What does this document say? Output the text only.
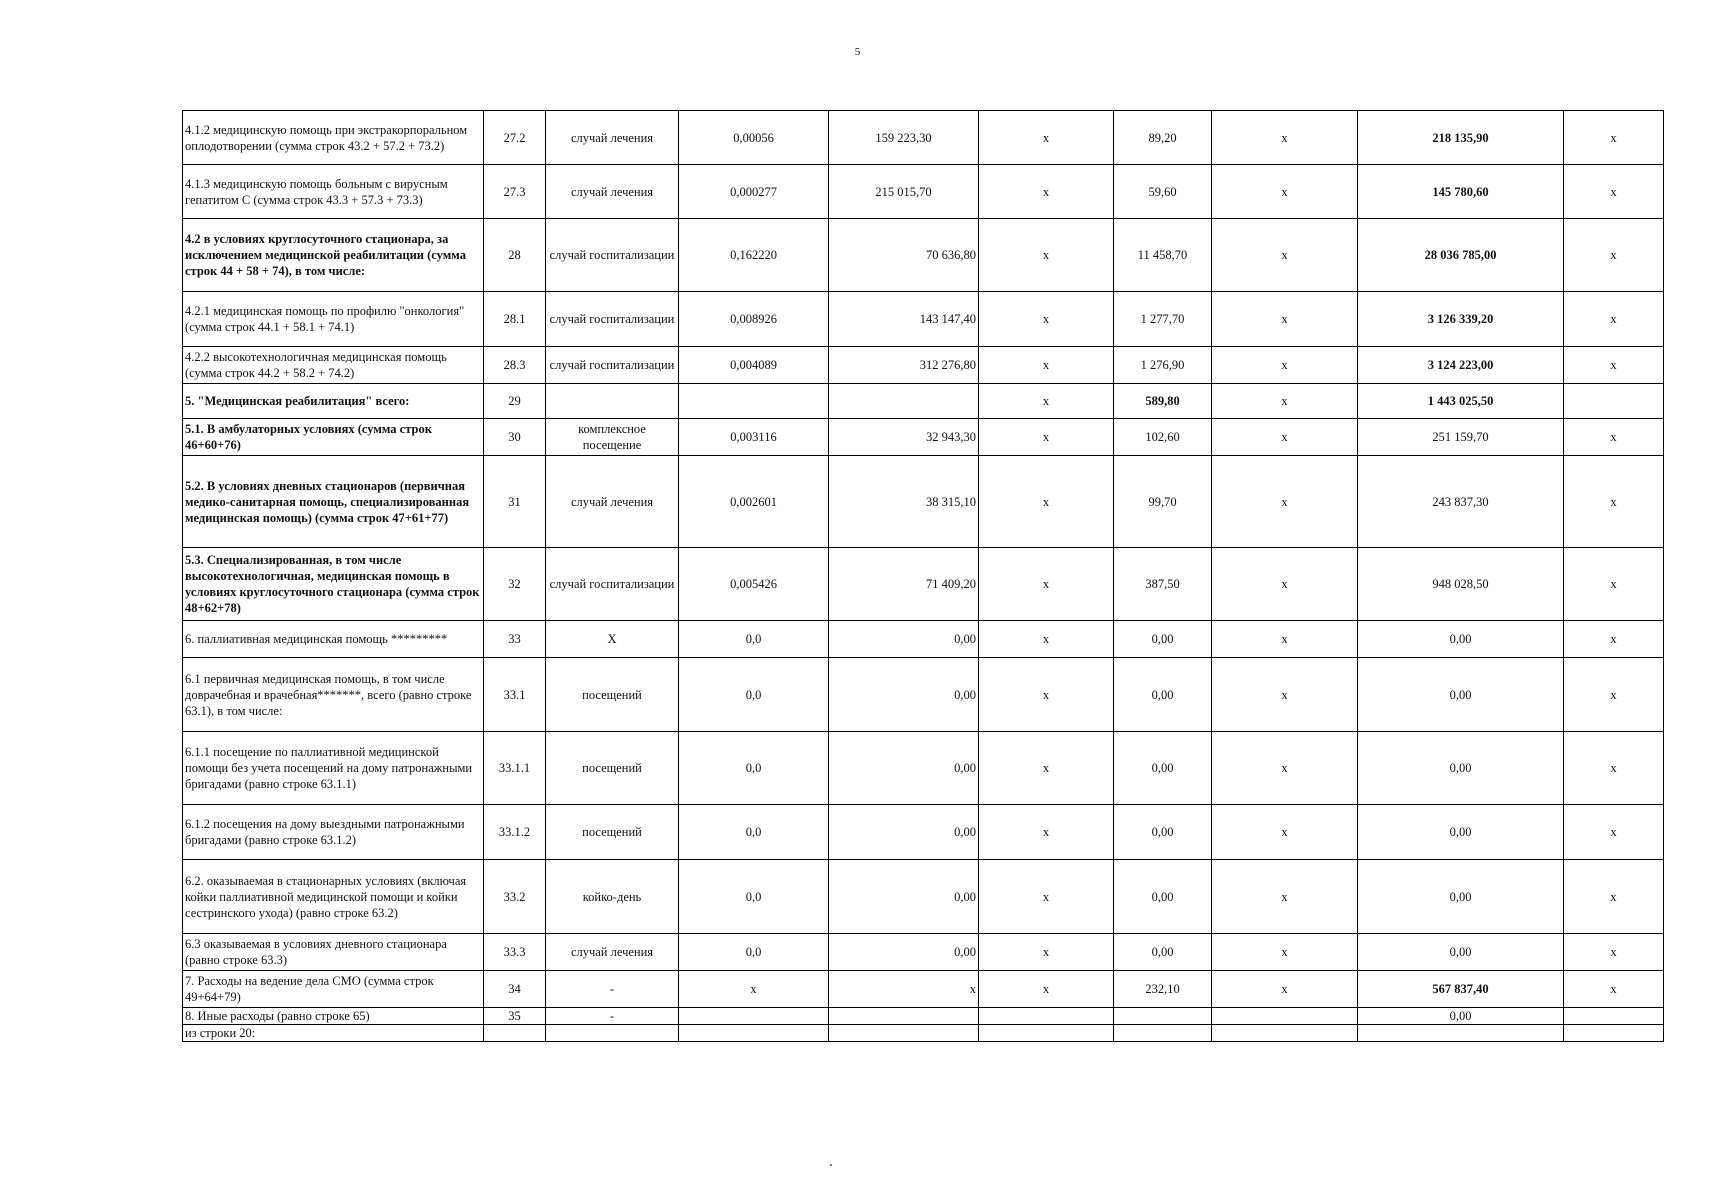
5
4.1.2 медицинскую помощь при экстракорпоральном оплодотворении (сумма строк 43.2 + 57.2 + 73.2)	27.2	случай лечения	0,00056	159 223,30	x	89,20	x	218 135,90	x
4.1.3 медицинскую помощь больным с вирусным гепатитом С (сумма строк 43.3 + 57.3 + 73.3)	27.3	случай лечения	0,000277	215 015,70	x	59,60	x	145 780,60	x
4.2 в условиях круглосуточного стационара, за исключением медицинской реабилитации (сумма строк 44 + 58 + 74), в том числе:	28	случай госпитализации	0,162220	70 636,80	x	11 458,70	x	28 036 785,00	x
4.2.1 медицинская помощь по профилю "онкология" (сумма строк 44.1 + 58.1 + 74.1)	28.1	случай госпитализации	0,008926	143 147,40	x	1 277,70	x	3 126 339,20	x
4.2.2 высокотехнологичная медицинская помощь (сумма строк 44.2 + 58.2 + 74.2)	28.3	случай госпитализации	0,004089	312 276,80	x	1 276,90	x	3 124 223,00	x
5. "Медицинская реабилитация" всего:	29				x	589,80	x	1 443 025,50	
5.1. В амбулаторных условиях (сумма строк 46+60+76)	30	комплексное посещение	0,003116	32 943,30	x	102,60	x	251 159,70	x
5.2. В условиях дневных стационаров (первичная медико-санитарная помощь, специализированная медицинская помощь) (сумма строк 47+61+77)	31	случай лечения	0,002601	38 315,10	x	99,70	x	243 837,30	x
5.3. Специализированная, в том числе высокотехнологичная, медицинская помощь в условиях круглосуточного стационара (сумма строк 48+62+78)	32	случай госпитализации	0,005426	71 409,20	x	387,50	x	948 028,50	x
6. паллиативная медицинская помощь *********	33	X	0,0	0,00	x	0,00	x	0,00	x
6.1 первичная медицинская помощь, в том числе доврачебная и врачебная*******, всего (равно строке 63.1), в том числе:	33.1	посещений	0,0	0,00	x	0,00	x	0,00	x
6.1.1 посещение по паллиативной медицинской помощи без учета посещений на дому патронажными бригадами (равно строке 63.1.1)	33.1.1	посещений	0,0	0,00	x	0,00	x	0,00	x
6.1.2 посещения на дому выездными патронажными бригадами (равно строке 63.1.2)	33.1.2	посещений	0,0	0,00	x	0,00	x	0,00	x
6.2. оказываемая в стационарных условиях (включая койки паллиативной медицинской помощи и койки сестринского ухода) (равно строке 63.2)	33.2	койко-день	0,0	0,00	x	0,00	x	0,00	x
6.3 оказываемая в условиях дневного стационара (равно строке 63.3)	33.3	случай лечения	0,0	0,00	x	0,00	x	0,00	x
7. Расходы на ведение дела СМО (сумма строк 49+64+79)	34	-	x	x	x	232,10	x	567 837,40	x
8. Иные расходы (равно строке 65)	35	-						0,00	
из строки 20:									
